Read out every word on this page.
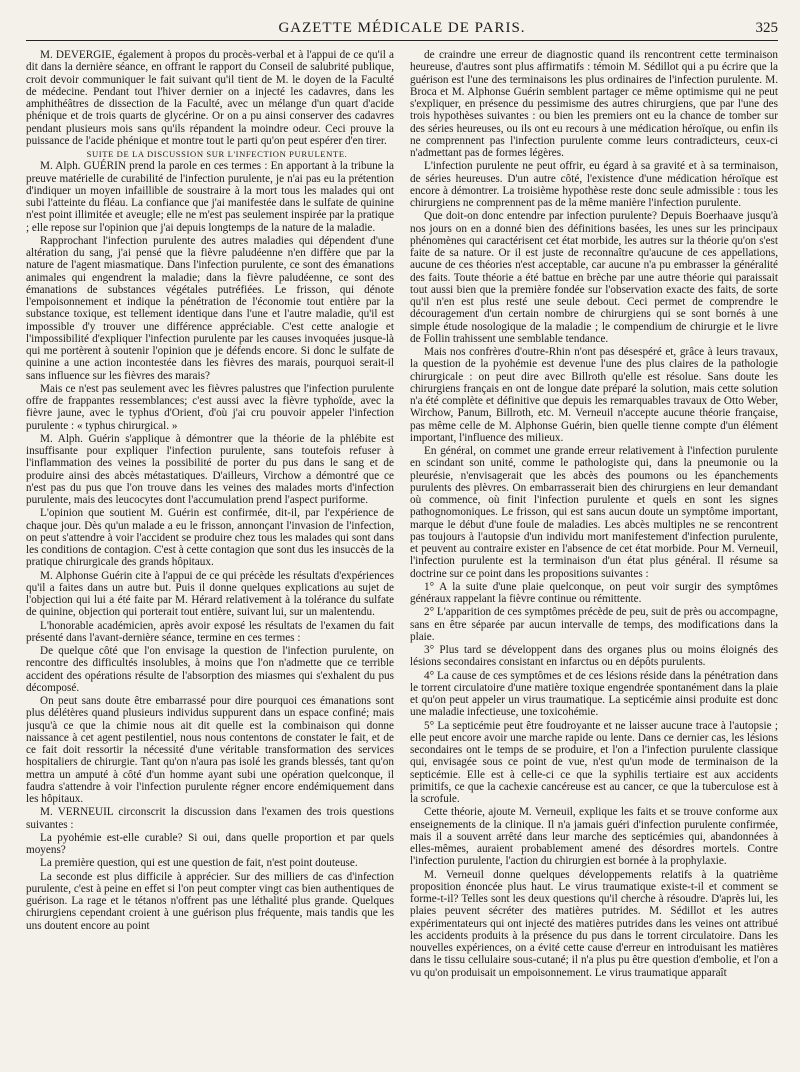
GAZETTE MÉDICALE DE PARIS.	325

M. DEVERGIE, également à propos du procès-verbal et à l'appui de ce qu'il a dit dans la dernière séance, en offrant le rapport du Conseil de salubrité publique, croit devoir communiquer le fait suivant qu'il tient de M. le doyen de la Faculté de médecine. Pendant tout l'hiver dernier on a injecté les cadavres, dans les amphithéâtres de dissection de la Faculté, avec un mélange d'un quart d'acide phénique et de trois quarts de glycérine. Or on a pu ainsi conserver des cadavres pendant plusieurs mois sans qu'ils répandent la moindre odeur. Ceci prouve la puissance de l'acide phénique et montre tout le parti qu'on peut espérer d'en tirer.

SUITE DE LA DISCUSSION SUR L'INFECTION PURULENTE.

M. Alph. GUÉRIN prend la parole en ces termes : En apportant à la tribune la preuve matérielle de curabilité de l'infection purulente, je n'ai pas eu la prétention d'indiquer un moyen infaillible de soustraire à la mort tous les malades qui ont subi l'atteinte du fléau. La confiance que j'ai manifestée dans le sulfate de quinine n'est point illimitée et aveugle; elle ne m'est pas seulement inspirée par la pratique ; elle repose sur l'opinion que j'ai depuis longtemps de la nature de la maladie.

Rapprochant l'infection purulente des autres maladies qui dépendent d'une altération du sang, j'ai pensé que la fièvre paludéenne n'en diffère que par la nature de l'agent miasmatique. Dans l'infection purulente, ce sont des émanations animales qui engendrent la maladie; dans la fièvre paludéenne, ce sont des émanations de substances végétales putréfiées. Le frisson, qui dénote l'empoisonnement et indique la pénétration de l'économie tout entière par la substance toxique, est tellement identique dans l'une et l'autre maladie, qu'il est impossible d'y trouver une différence appréciable. C'est cette analogie et l'impossibilité d'expliquer l'infection purulente par les causes invoquées jusque-là qui me portèrent à soutenir l'opinion que je défends encore. Si donc le sulfate de quinine a une action incontestée dans les fièvres des marais, pourquoi serait-il sans influence sur les fièvres des marais?

Mais ce n'est pas seulement avec les fièvres palustres que l'infection purulente offre de frappantes ressemblances; c'est aussi avec la fièvre typhoïde, avec la fièvre jaune, avec le typhus d'Orient, d'où j'ai cru pouvoir appeler l'infection purulente : « typhus chirurgical. »

M. Alph. Guérin s'applique à démontrer que la théorie de la phlébite est insuffisante pour expliquer l'infection purulente, sans toutefois refuser à l'inflammation des veines la possibilité de porter du pus dans le sang et de produire ainsi des abcès métastatiques. D'ailleurs, Virchow a démontré que ce n'est pas du pus que l'on trouve dans les veines des malades morts d'infection purulente, mais des leucocytes dont l'accumulation prend l'aspect puriforme.

L'opinion que soutient M. Guérin est confirmée, dit-il, par l'expérience de chaque jour. Dès qu'un malade a eu le frisson, annonçant l'invasion de l'infection, on peut s'attendre à voir l'accident se produire chez tous les malades qui sont dans les conditions de contagion. C'est à cette contagion que sont dus les insuccès de la pratique chirurgicale des grands hôpitaux.

M. Alphonse Guérin cite à l'appui de ce qui précède les résultats d'expériences qu'il a faites dans un autre but. Puis il donne quelques explications au sujet de l'objection qui lui a été faite par M. Hérard relativement à la tolérance du sulfate de quinine, objection qui porterait tout entière, suivant lui, sur un malentendu.

L'honorable académicien, après avoir exposé les résultats de l'examen du fait présenté dans l'avant-dernière séance, termine en ces termes :

De quelque côté que l'on envisage la question de l'infection purulente, on rencontre des difficultés insolubles, à moins que l'on n'admette que ce terrible accident des opérations résulte de l'absorption des miasmes qui s'exhalent du pus décomposé.

On peut sans doute être embarrassé pour dire pourquoi ces émanations sont plus délétères quand plusieurs individus suppurent dans un espace confiné; mais jusqu'à ce que la chimie nous ait dit quelle est la combinaison qui donne naissance à cet agent pestilentiel, nous nous contentons de constater le fait, et de ce fait doit ressortir la nécessité d'une véritable transformation des services hospitaliers de chirurgie. Tant qu'on n'aura pas isolé les grands blessés, tant qu'on mettra un amputé à côté d'un homme ayant subi une opération quelconque, il faudra s'attendre à voir l'infection purulente régner encore endémiquement dans les hôpitaux.

M. VERNEUIL circonscrit la discussion dans l'examen des trois questions suivantes :

La pyohémie est-elle curable? Si oui, dans quelle proportion et par quels moyens?

La première question, qui est une question de fait, n'est point douteuse.

La seconde est plus difficile à apprécier. Sur des milliers de cas d'infection purulente, c'est à peine en effet si l'on peut compter vingt cas bien authentiques de guérison. La rage et le tétanos n'offrent pas une léthalité plus grande. Quelques chirurgiens cependant croient à une guérison plus fréquente, mais tandis que les uns doutent encore au point

de craindre une erreur de diagnostic quand ils rencontrent cette terminaison heureuse, d'autres sont plus affirmatifs : témoin M. Sédillot qui a pu écrire que la guérison est l'une des terminaisons les plus ordinaires de l'infection purulente. M. Broca et M. Alphonse Guérin semblent partager ce même optimisme qui ne peut s'expliquer, en présence du pessimisme des autres chirurgiens, que par l'une des trois hypothèses suivantes : ou bien les premiers ont eu la chance de tomber sur des séries heureuses, ou ils ont eu recours à une médication héroïque, ou enfin ils ne comprennent pas l'infection purulente comme leurs contradicteurs, ceux-ci n'admettant pas de formes légères.

L'infection purulente ne peut offrir, eu égard à sa gravité et à sa terminaison, de séries heureuses. D'un autre côté, l'existence d'une médication héroïque est encore à démontrer. La troisième hypothèse reste donc seule admissible : tous les chirurgiens ne comprennent pas de la même manière l'infection purulente.

Que doit-on donc entendre par infection purulente? Depuis Boerhaave jusqu'à nos jours on en a donné bien des définitions basées, les unes sur les principaux phénomènes qui caractérisent cet état morbide, les autres sur la théorie qu'on s'est faite de sa nature. Or il est juste de reconnaître qu'aucune de ces appellations, aucune de ces théories n'est acceptable, car aucune n'a pu embrasser la généralité des faits. Toute théorie a été battue en brèche par une autre théorie qui paraissait tout aussi bien que la première fondée sur l'observation exacte des faits, de sorte qu'il n'en est plus resté une seule debout. Ceci permet de comprendre le découragement d'un certain nombre de chirurgiens qui se sont bornés à une simple étude nosologique de la maladie ; le compendium de chirurgie et le livre de Follin trahissent une semblable tendance.

Mais nos confrères d'outre-Rhin n'ont pas désespéré et, grâce à leurs travaux, la question de la pyohémie est devenue l'une des plus claires de la pathologie chirurgicale : on peut dire avec Billroth qu'elle est résolue. Sans doute les chirurgiens français en ont de longue date préparé la solution, mais cette solution n'a été complète et définitive que depuis les remarquables travaux de Otto Weber, Wirchow, Panum, Billroth, etc. M. Verneuil n'accepte aucune théorie française, pas même celle de M. Alphonse Guérin, bien quelle tienne compte d'un élément important, l'influence des milieux.

En général, on commet une grande erreur relativement à l'infection purulente en scindant son unité, comme le pathologiste qui, dans la pneumonie ou la pleurésie, n'envisagerait que les abcès des poumons ou les épanchements purulents des plèvres. On embarrasserait bien des chirurgiens en leur demandant où commence, où finit l'infection purulente et quels en sont les signes pathognomoniques. Le frisson, qui est sans aucun doute un symptôme important, marque le début d'une foule de maladies. Les abcès multiples ne se rencontrent pas toujours à l'autopsie d'un individu mort manifestement d'infection purulente, et peuvent au contraire exister en l'absence de cet état morbide. Pour M. Verneuil, l'infection purulente est la terminaison d'un état plus général. Il résume sa doctrine sur ce point dans les propositions suivantes :

1° A la suite d'une plaie quelconque, on peut voir surgir des symptômes généraux rappelant la fièvre continue ou rémittente.

2° L'apparition de ces symptômes précède de peu, suit de près ou accompagne, sans en être séparée par aucun intervalle de temps, des modifications dans la plaie.

3° Plus tard se développent dans des organes plus ou moins éloignés des lésions secondaires consistant en infarctus ou en dépôts purulents.

4° La cause de ces symptômes et de ces lésions réside dans la pénétration dans le torrent circulatoire d'une matière toxique engendrée spontanément dans la plaie et qu'on peut appeler un virus traumatique. La septicémie ainsi produite est donc une maladie infectieuse, une toxicohémie.

5° La septicémie peut être foudroyante et ne laisser aucune trace à l'autopsie ; elle peut encore avoir une marche rapide ou lente. Dans ce dernier cas, les lésions secondaires ont le temps de se produire, et l'on a l'infection purulente classique qui, envisagée sous ce point de vue, n'est qu'un mode de terminaison de la septicémie. Elle est à celle-ci ce que la syphilis tertiaire est aux accidents primitifs, ce que la cachexie cancéreuse est au cancer, ce que la tuberculose est à la scrofule.

Cette théorie, ajoute M. Verneuil, explique les faits et se trouve conforme aux enseignements de la clinique. Il n'a jamais guéri d'infection purulente confirmée, mais il a souvent arrêté dans leur marche des septicémies qui, abandonnées à elles-mêmes, auraient probablement amené des désordres mortels. Contre l'infection purulente, l'action du chirurgien est bornée à la prophylaxie.

M. Verneuil donne quelques développements relatifs à la quatrième proposition énoncée plus haut. Le virus traumatique existe-t-il et comment se forme-t-il? Telles sont les deux questions qu'il cherche à résoudre. D'après lui, les plaies peuvent sécréter des matières putrides. M. Sédillot et les autres expérimentateurs qui ont injecté des matières putrides dans les veines ont attribué les accidents produits à la présence du pus dans le torrent circulatoire. Dans les nouvelles expériences, on a évité cette cause d'erreur en introduisant les matières dans le tissu cellulaire sous-cutané; il n'a plus pu être question d'embolie, et l'on a vu qu'on produisait un empoisonnement. Le virus traumatique apparaît
